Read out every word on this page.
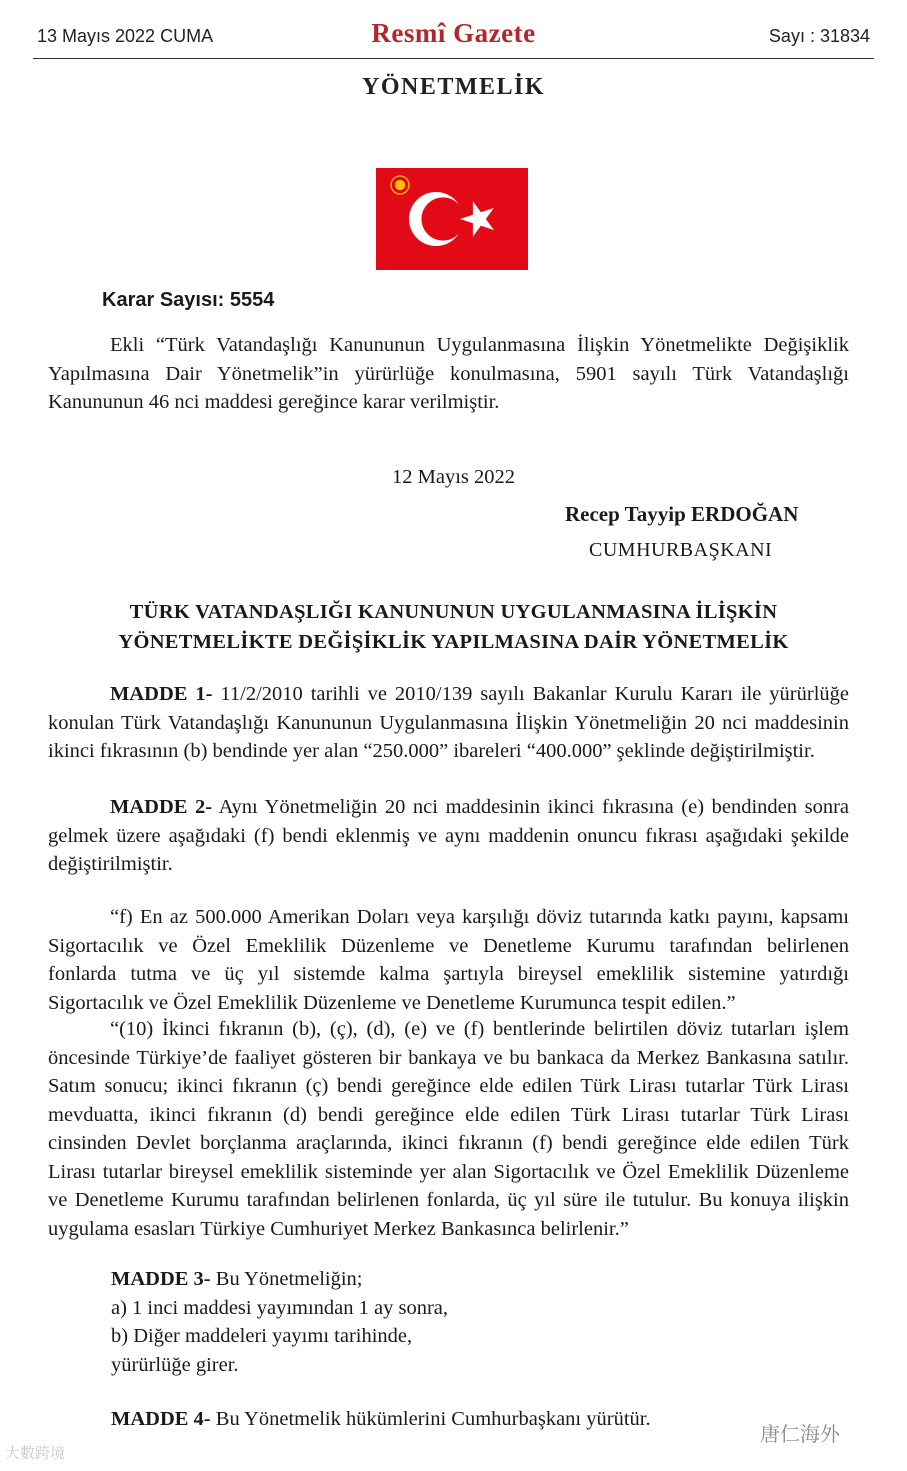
13 Mayıs 2022 CUMA	Resmî Gazete	Sayı : 31834
YÖNETMELİK
Karar Sayısı: 5554
Ekli “Türk Vatandaşlığı Kanununun Uygulanmasına İlişkin Yönetmelikte Değişiklik
Yapılmasına Dair Yönetmelik”in yürürlüğe konulmasına, 5901 sayılı Türk Vatandaşlığı
Kanununun 46 nci maddesi gereğince karar verilmiştir.
12 Mayıs 2022
Recep Tayyip ERDOĞAN
CUMHURBAŞKANI
TÜRK VATANDAŞLIĞI KANUNUNUN UYGULANMASINA İLİŞKİN
YÖNETMELİKTE DEĞİŞİKLİK YAPILMASINA DAİR YÖNETMELİK
MADDE 1- 11/2/2010 tarihli ve 2010/139 sayılı Bakanlar Kurulu Kararı ile yürürlüğe
konulan Türk Vatandaşlığı Kanununun Uygulanmasına İlişkin Yönetmeliğin 20 nci maddesinin
ikinci fıkrasının (b) bendinde yer alan “250.000” ibareleri “400.000” şeklinde değiştirilmiştir.
MADDE 2- Aynı Yönetmeliğin 20 nci maddesinin ikinci fıkrasına (e) bendinden sonra
gelmek üzere aşağıdaki (f) bendi eklenmiş ve aynı maddenin onuncu fıkrası aşağıdaki şekilde
değiştirilmiştir.
“f) En az 500.000 Amerikan Doları veya karşılığı döviz tutarında katkı payını, kapsamı
Sigortacılık ve Özel Emeklilik Düzenleme ve Denetleme Kurumu tarafından belirlenen
fonlarda tutma ve üç yıl sistemde kalma şartıyla bireysel emeklilik sistemine yatırdığı
Sigortacılık ve Özel Emeklilik Düzenleme ve Denetleme Kurumunca tespit edilen.”
“(10) İkinci fıkranın (b), (ç), (d), (e) ve (f) bentlerinde belirtilen döviz tutarları işlem
öncesinde Türkiye’de faaliyet gösteren bir bankaya ve bu bankaca da Merkez Bankasına satılır.
Satım sonucu; ikinci fıkranın (ç) bendi gereğince elde edilen Türk Lirası tutarlar Türk Lirası
mevduatta, ikinci fıkranın (d) bendi gereğince elde edilen Türk Lirası tutarlar Türk Lirası
cinsinden Devlet borçlanma araçlarında, ikinci fıkranın (f) bendi gereğince elde edilen Türk
Lirası tutarlar bireysel emeklilik sisteminde yer alan Sigortacılık ve Özel Emeklilik Düzenleme
ve Denetleme Kurumu tarafından belirlenen fonlarda, üç yıl süre ile tutulur. Bu konuya ilişkin
uygulama esasları Türkiye Cumhuriyet Merkez Bankasınca belirlenir.”
MADDE 3- Bu Yönetmeliğin;
a) 1 inci maddesi yayımından 1 ay sonra,
b) Diğer maddeleri yayımı tarihinde,
yürürlüğe girer.
MADDE 4- Bu Yönetmelik hükümlerini Cumhurbaşkanı yürütür.
大數跨境
唐仁海外
